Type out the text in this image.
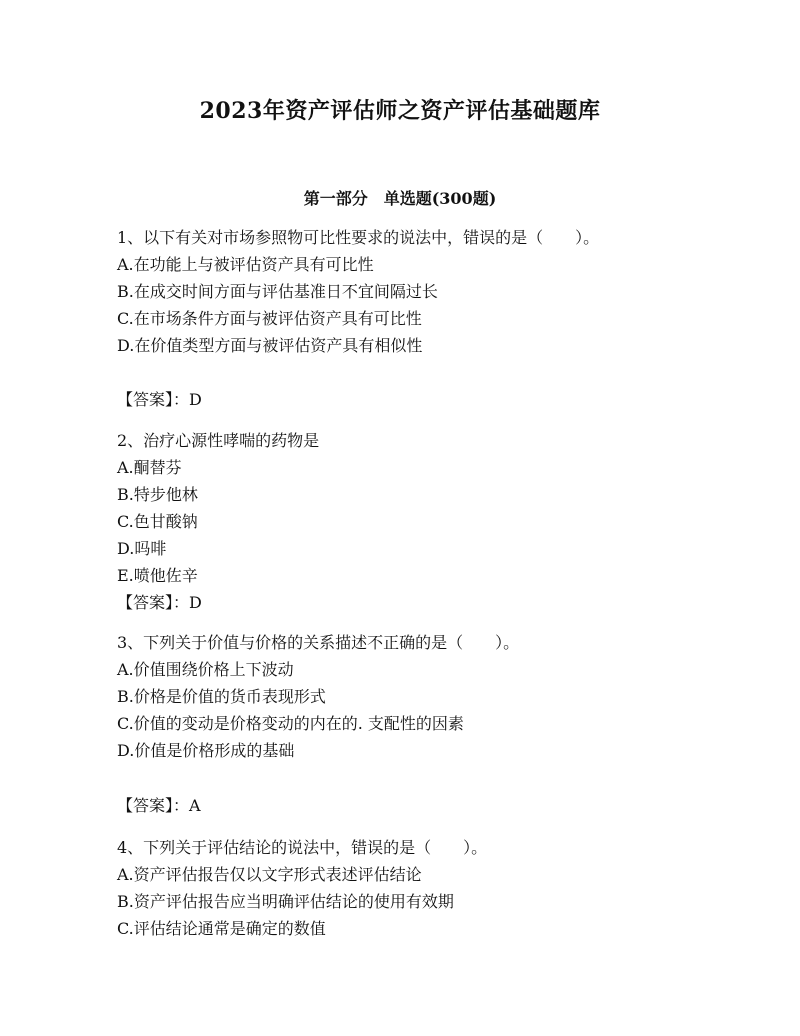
2023年资产评估师之资产评估基础题库
第一部分　单选题(300题)
1、以下有关对市场参照物可比性要求的说法中，错误的是（　　）。
A.在功能上与被评估资产具有可比性
B.在成交时间方面与评估基准日不宜间隔过长
C.在市场条件方面与被评估资产具有可比性
D.在价值类型方面与被评估资产具有相似性
【答案】：D
2、治疗心源性哮喘的药物是
A.酮替芬
B.特步他林
C.色甘酸钠
D.吗啡
E.喷他佐辛
【答案】：D
3、下列关于价值与价格的关系描述不正确的是（　　）。
A.价值围绕价格上下波动
B.价格是价值的货币表现形式
C.价值的变动是价格变动的内在的. 支配性的因素
D.价值是价格形成的基础
【答案】：A
4、下列关于评估结论的说法中，错误的是（　　）。
A.资产评估报告仅以文字形式表述评估结论
B.资产评估报告应当明确评估结论的使用有效期
C.评估结论通常是确定的数值
